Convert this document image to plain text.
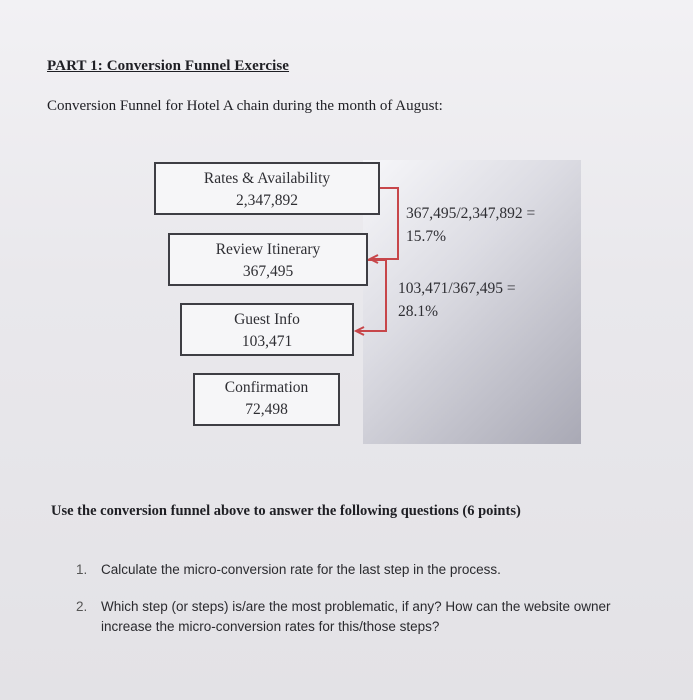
PART 1: Conversion Funnel Exercise
Conversion Funnel for Hotel A chain during the month of August:
Rates & Availability
2,347,892
Review Itinerary
367,495
Guest Info
103,471
Confirmation
72,498
367,495/2,347,892 =
15.7%
103,471/367,495 =
28.1%
Use the conversion funnel above to answer the following questions (6 points)
1. Calculate the micro-conversion rate for the last step in the process.
2. Which step (or steps) is/are the most problematic, if any? How can the website owner increase the micro-conversion rates for this/those steps?
